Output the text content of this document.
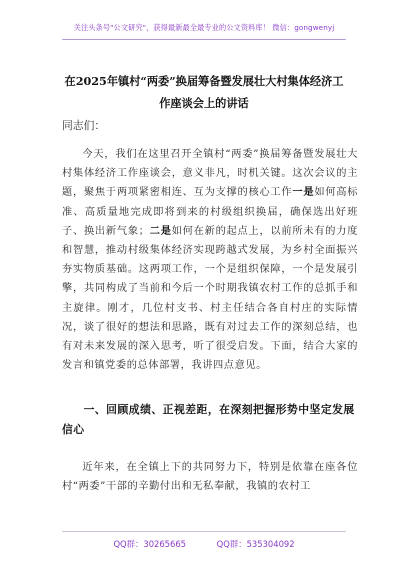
关注头条号"公文研究"，获得最新最全最专业的公文资料库！ 微信：gongwenyj
在2025年镇村“两委”换届筹备暨发展壮大村集体经济工
作座谈会上的讲话
同志们：

今天，我们在这里召开全镇村“两委”换届筹备暨发展壮大村集体经济工作座谈会，意义非凡，时机关键。这次会议的主题，聚焦于两项紧密相连、互为支撑的核心工作一是如何高标准、高质量地完成即将到来的村级组织换届，确保选出好班子、换出新气象；二是如何在新的起点上，以前所未有的力度和智慧，推动村级集体经济实现跨越式发展，为乡村全面振兴夯实物质基础。这两项工作，一个是组织保障，一个是发展引擎，共同构成了当前和今后一个时期我镇农村工作的总抓手和主旋律。刚才，几位村支书、村主任结合各自村庄的实际情况，谈了很好的想法和思路，既有对过去工作的深刻总结，也有对未来发展的深入思考，听了很受启发。下面，结合大家的发言和镇党委的总体部署，我讲四点意见。

一、回顾成绩、正视差距，在深刻把握形势中坚定发展信心

近年来，在全镇上下的共同努力下，特别是依靠在座各位村“两委”干部的辛勤付出和无私奉献，我镇的农村工

QQ群：30265665	QQ群：535304092
